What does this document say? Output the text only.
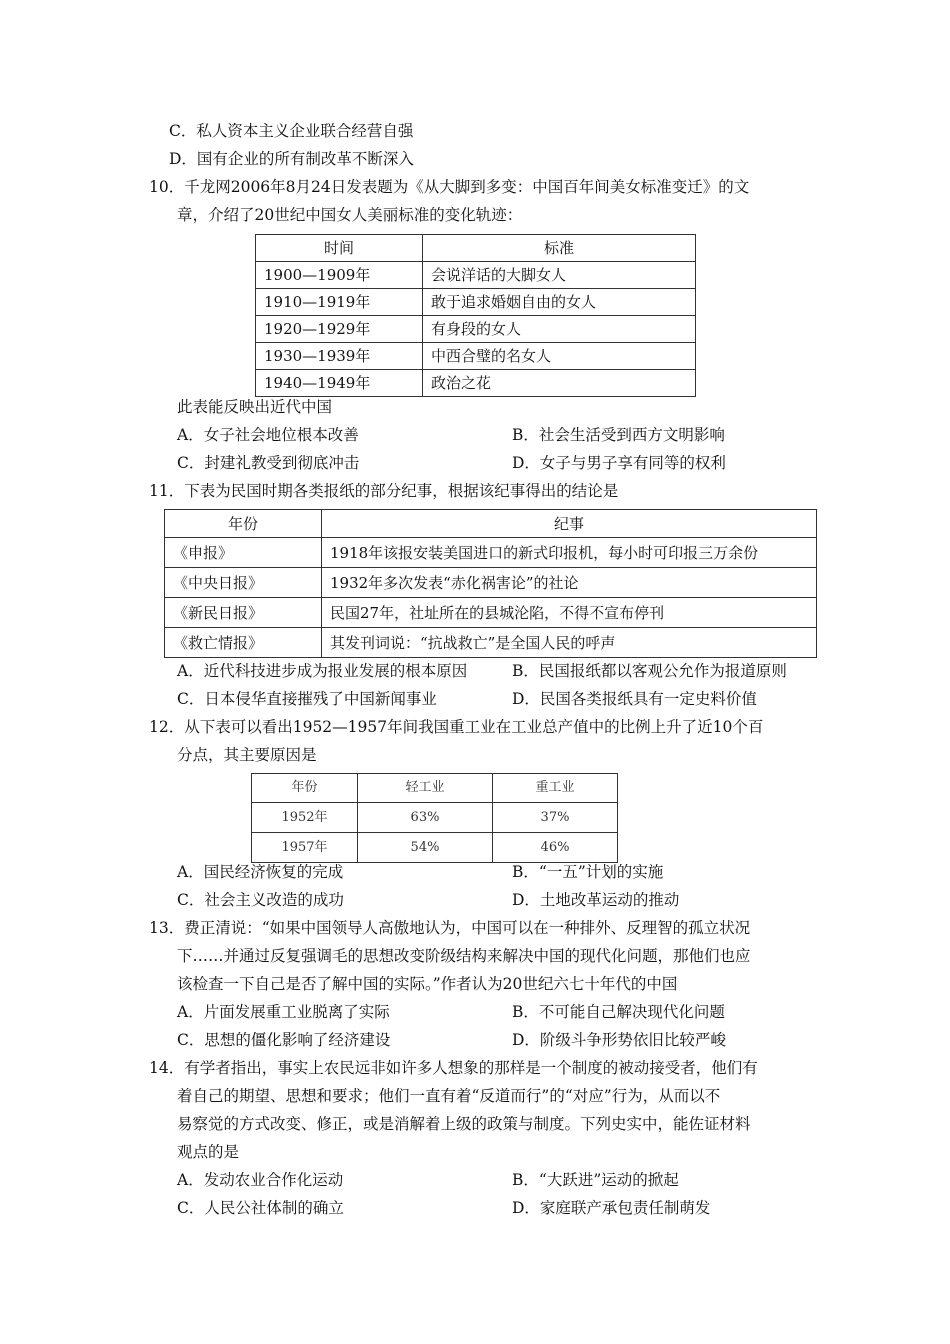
C．私人资本主义企业联合经营自强
D．国有企业的所有制改革不断深入
10．千龙网2006年8月24日发表题为《从大脚到多变：中国百年间美女标准变迁》的文
章，介绍了20世纪中国女人美丽标准的变化轨迹：
时间	标准
1900—1909年	会说洋话的大脚女人
1910—1919年	敢于追求婚姻自由的女人
1920—1929年	有身段的女人
1930—1939年	中西合璧的名女人
1940—1949年	政治之花
此表能反映出近代中国
A．女子社会地位根本改善	B．社会生活受到西方文明影响
C．封建礼教受到彻底冲击	D．女子与男子享有同等的权利
11．下表为民国时期各类报纸的部分纪事，根据该纪事得出的结论是
年份	纪事
《申报》	1918年该报安装美国进口的新式印报机，每小时可印报三万余份
《中央日报》	1932年多次发表“赤化祸害论”的社论
《新民日报》	民国27年，社址所在的县城沦陷，不得不宣布停刊
《救亡情报》	其发刊词说：“抗战救亡”是全国人民的呼声
A．近代科技进步成为报业发展的根本原因	B．民国报纸都以客观公允作为报道原则
C．日本侵华直接摧残了中国新闻事业	D．民国各类报纸具有一定史料价值
12．从下表可以看出1952—1957年间我国重工业在工业总产值中的比例上升了近10个百
分点，其主要原因是
年份	轻工业	重工业
1952年	63%	37%
1957年	54%	46%
A．国民经济恢复的完成	B．“一五”计划的实施
C．社会主义改造的成功	D．土地改革运动的推动
13．费正清说：“如果中国领导人高傲地认为，中国可以在一种排外、反理智的孤立状况
下……并通过反复强调毛的思想改变阶级结构来解决中国的现代化问题，那他们也应
该检查一下自己是否了解中国的实际。”作者认为20世纪六七十年代的中国
A．片面发展重工业脱离了实际	B．不可能自己解决现代化问题
C．思想的僵化影响了经济建设	D．阶级斗争形势依旧比较严峻
14．有学者指出，事实上农民远非如许多人想象的那样是一个制度的被动接受者，他们有
着自己的期望、思想和要求；他们一直有着“反道而行”的“对应”行为，从而以不
易察觉的方式改变、修正，或是消解着上级的政策与制度。下列史实中，能佐证材料
观点的是
A．发动农业合作化运动	B．“大跃进”运动的掀起
C．人民公社体制的确立	D．家庭联产承包责任制萌发
